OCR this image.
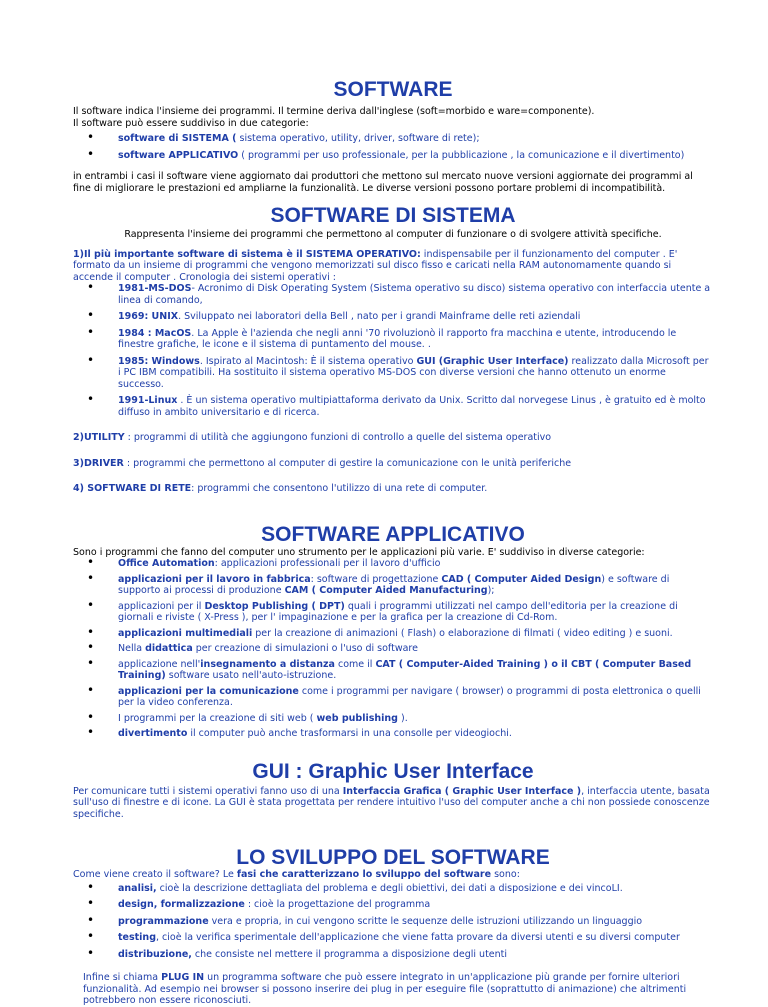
SOFTWARE

Il software indica l'insieme dei programmi. Il termine deriva dall'inglese (soft=morbido e ware=componente).
Il software può essere suddiviso in due categorie:

• software di SISTEMA ( sistema operativo, utility, driver, software di rete);
• software APPLICATIVO ( programmi per uso professionale, per la pubblicazione , la comunicazione e il divertimento)

in entrambi i casi il software viene aggiornato dai produttori che mettono sul mercato nuove versioni aggiornate dei programmi al fine di migliorare le prestazioni ed ampliarne la funzionalità. Le diverse versioni possono portare problemi di incompatibilità.

SOFTWARE DI SISTEMA

Rappresenta l'insieme dei programmi che permettono al computer di funzionare o di svolgere attività specifiche.

1)Il più importante software di sistema è il SISTEMA OPERATIVO: indispensabile per il funzionamento del computer . E' formato da un insieme di programmi che vengono memorizzati sul disco fisso e caricati nella RAM autonomamente quando si accende il computer . Cronologia dei sistemi operativi :

• 1981-MS-DOS- Acronimo di Disk Operating System (Sistema operativo su disco) sistema operativo con interfaccia utente a linea di comando,
• 1969: UNIX. Sviluppato nei laboratori della Bell , nato per i grandi Mainframe delle reti aziendali
• 1984 : MacOS. La Apple è l'azienda che negli anni '70 rivoluzionò il rapporto fra macchina e utente, introducendo le finestre grafiche, le icone e il sistema di puntamento del mouse. .
• 1985: Windows. Ispirato al Macintosh: È il sistema operativo GUI (Graphic User Interface) realizzato dalla Microsoft per i PC IBM compatibili. Ha sostituito il sistema operativo MS-DOS con diverse versioni che hanno ottenuto un enorme successo.
• 1991-Linux . È un sistema operativo multipiattaforma derivato da Unix. Scritto dal norvegese Linus , è gratuito ed è molto diffuso in ambito universitario e di ricerca.

2)UTILITY : programmi di utilità che aggiungono funzioni di controllo a quelle del sistema operativo

3)DRIVER : programmi che permettono al computer di gestire la comunicazione con le unità periferiche

4) SOFTWARE DI RETE: programmi che consentono l'utilizzo di una rete di computer.

SOFTWARE APPLICATIVO

Sono i programmi che fanno del computer uno strumento per le applicazioni più varie. E' suddiviso in diverse categorie:

• Office Automation: applicazioni professionali per il lavoro d'ufficio
• applicazioni per il lavoro in fabbrica: software di progettazione CAD ( Computer Aided Design) e software di supporto ai processi di produzione CAM ( Computer Aided Manufacturing);
• applicazioni per il Desktop Publishing ( DPT) quali i programmi utilizzati nel campo dell'editoria per la creazione di giornali e riviste ( X-Press ), per l' impaginazione e per la grafica per la creazione di Cd-Rom.
• applicazioni multimediali per la creazione di animazioni ( Flash) o elaborazione di filmati ( video editing ) e suoni.
• Nella didattica per creazione di simulazioni o l'uso di software
• applicazione nell'insegnamento a distanza come il CAT ( Computer-Aided Training ) o il CBT ( Computer Based Training) software usato nell'auto-istruzione.
• applicazioni per la comunicazione come i programmi per navigare ( browser) o programmi di posta elettronica o quelli per la video conferenza.
• I programmi per la creazione di siti web ( web publishing ).
• divertimento il computer può anche trasformarsi in una consolle per videogiochi.
GUI : Graphic User Interface

Per comunicare tutti i sistemi operativi fanno uso di una Interfaccia Grafica ( Graphic User Interface ), interfaccia utente, basata sull'uso di finestre e di icone. La GUI è stata progettata per rendere intuitivo l'uso del computer anche a chi non possiede conoscenze specifiche.

LO SVILUPPO DEL SOFTWARE

Come viene creato il software? Le fasi che caratterizzano lo sviluppo del software sono:

• analisi, cioè la descrizione dettagliata del problema e degli obiettivi, dei dati a disposizione e dei vincoLI.
• design, formalizzazione : cioè la progettazione del programma
• programmazione vera e propria, in cui vengono scritte le sequenze delle istruzioni utilizzando un linguaggio
• testing, cioè la verifica sperimentale dell'applicazione che viene fatta provare da diversi utenti e su diversi computer
• distribuzione, che consiste nel mettere il programma a disposizione degli utenti

Infine si chiama PLUG IN un programma software che può essere integrato in un'applicazione più grande per fornire ulteriori funzionalità. Ad esempio nei browser si possono inserire dei plug in per eseguire file (soprattutto di animazione) che altrimenti potrebbero non essere riconosciuti.
